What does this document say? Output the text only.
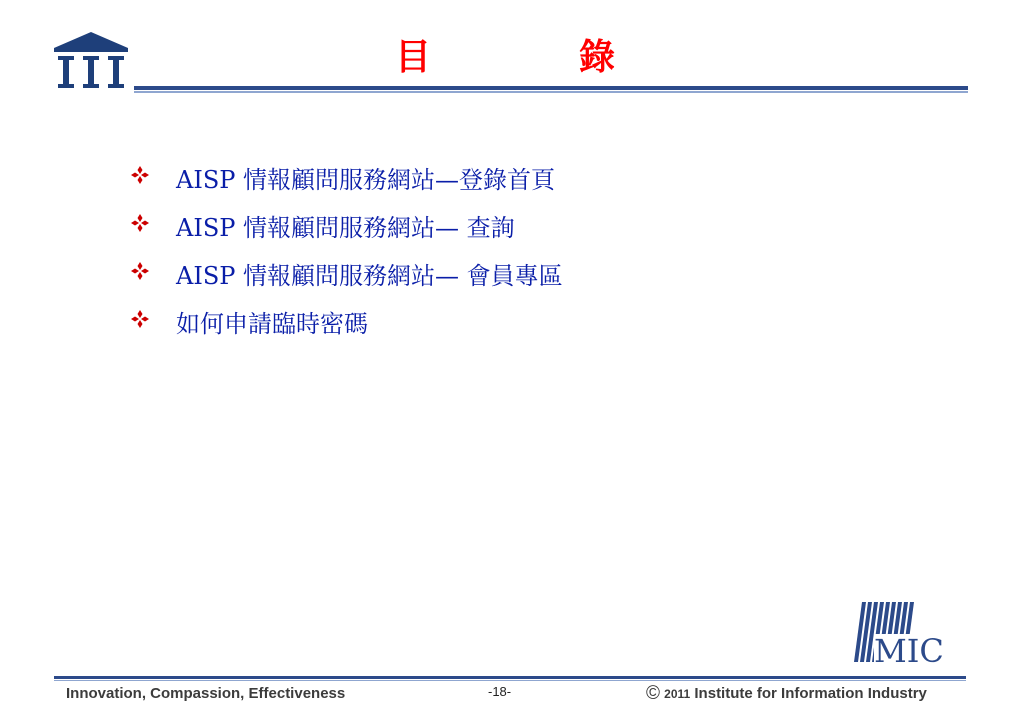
目	錄
AISP 情報顧問服務網站—登錄首頁
AISP 情報顧問服務網站— 查詢
AISP 情報顧問服務網站— 會員專區
如何申請臨時密碼
MIC
Innovation, Compassion, Effectiveness	-18-	© 2011 Institute for Information Industry
